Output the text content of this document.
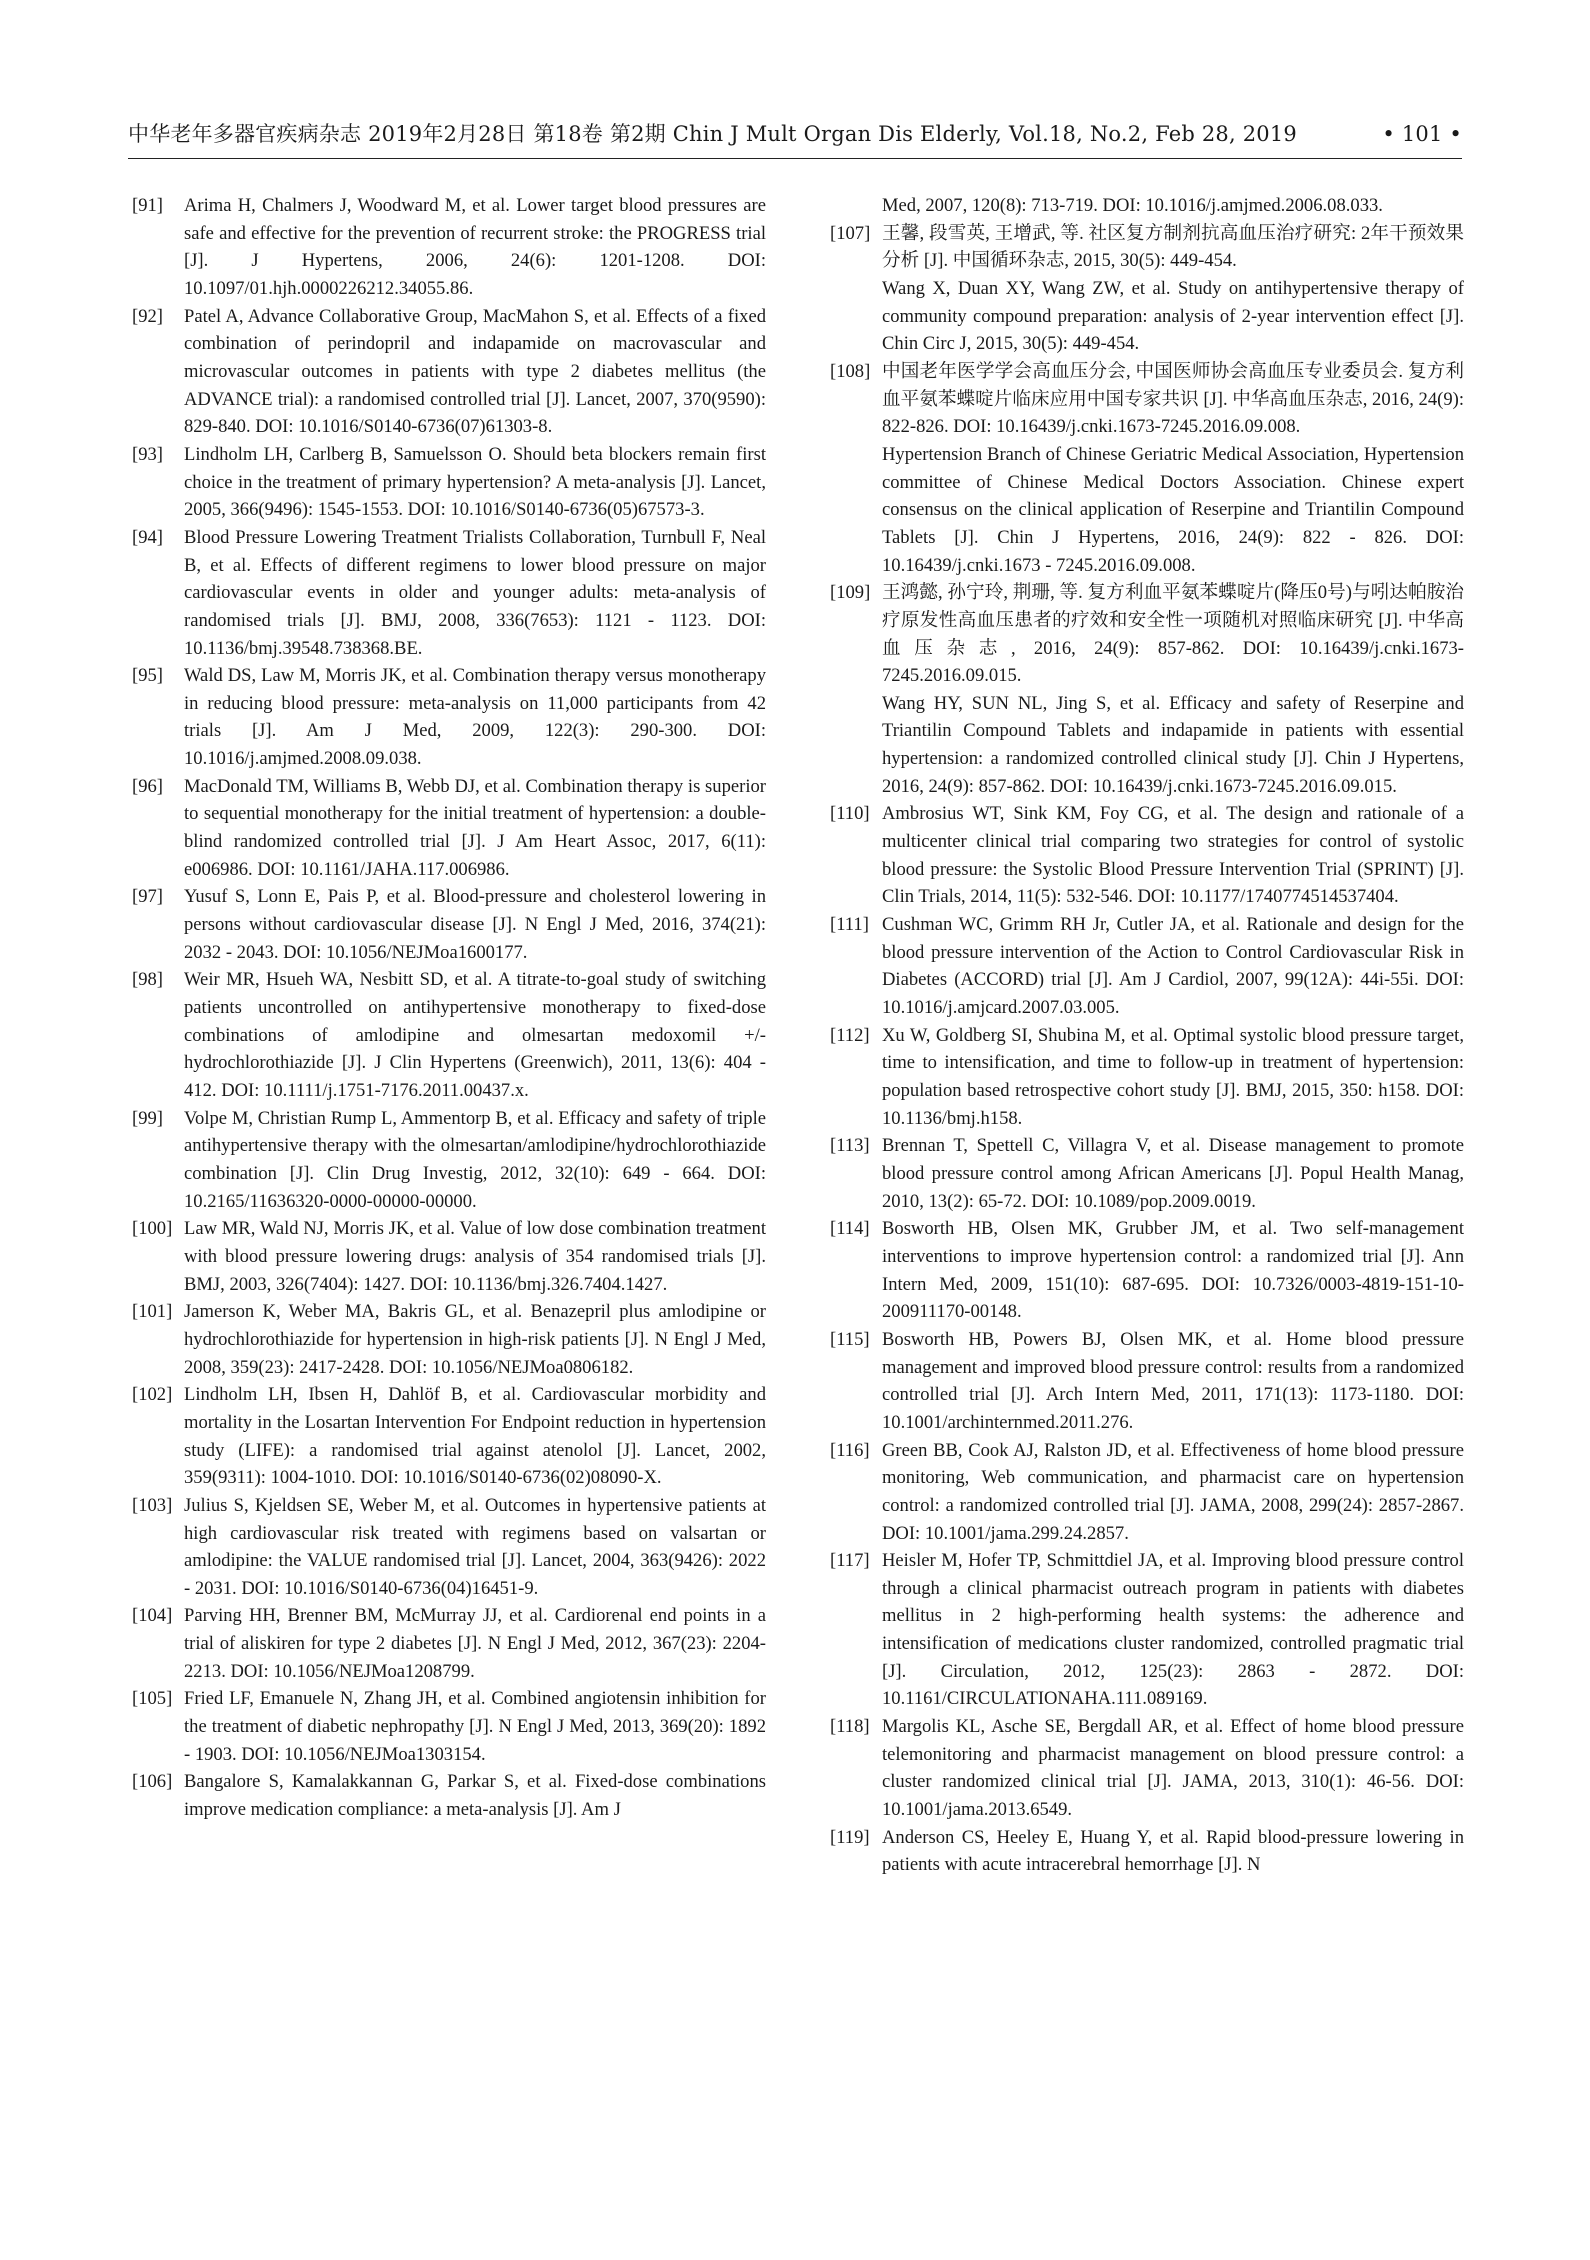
中华老年多器官疾病杂志 2019年2月28日 第18卷 第2期 Chin J Mult Organ Dis Elderly, Vol.18, No.2, Feb 28, 2019	• 101 •
[91] Arima H, Chalmers J, Woodward M, et al. Lower target blood pressures are safe and effective for the prevention of recurrent stroke: the PROGRESS trial [J]. J Hypertens, 2006, 24(6): 1201-1208. DOI: 10.1097/01.hjh.0000226212.34055.86.
[92] Patel A, Advance Collaborative Group, MacMahon S, et al. Effects of a fixed combination of perindopril and indapamide on macrovascular and microvascular outcomes in patients with type 2 diabetes mellitus (the ADVANCE trial): a randomised controlled trial [J]. Lancet, 2007, 370(9590): 829-840. DOI: 10.1016/S0140-6736(07)61303-8.
[93] Lindholm LH, Carlberg B, Samuelsson O. Should beta blockers remain first choice in the treatment of primary hypertension? A meta-analysis [J]. Lancet, 2005, 366(9496): 1545-1553. DOI: 10.1016/S0140-6736(05)67573-3.
[94] Blood Pressure Lowering Treatment Trialists Collaboration, Turnbull F, Neal B, et al. Effects of different regimens to lower blood pressure on major cardiovascular events in older and younger adults: meta-analysis of randomised trials [J]. BMJ, 2008, 336(7653): 1121 - 1123. DOI: 10.1136/bmj.39548.738368.BE.
[95] Wald DS, Law M, Morris JK, et al. Combination therapy versus monotherapy in reducing blood pressure: meta-analysis on 11,000 participants from 42 trials [J]. Am J Med, 2009, 122(3): 290-300. DOI: 10.1016/j.amjmed.2008.09.038.
[96] MacDonald TM, Williams B, Webb DJ, et al. Combination therapy is superior to sequential monotherapy for the initial treatment of hypertension: a double-blind randomized controlled trial [J]. J Am Heart Assoc, 2017, 6(11): e006986. DOI: 10.1161/JAHA.117.006986.
[97] Yusuf S, Lonn E, Pais P, et al. Blood-pressure and cholesterol lowering in persons without cardiovascular disease [J]. N Engl J Med, 2016, 374(21): 2032 - 2043. DOI: 10.1056/NEJMoa1600177.
[98] Weir MR, Hsueh WA, Nesbitt SD, et al. A titrate-to-goal study of switching patients uncontrolled on antihypertensive monotherapy to fixed-dose combinations of amlodipine and olmesartan medoxomil +/- hydrochlorothiazide [J]. J Clin Hypertens (Greenwich), 2011, 13(6): 404 - 412. DOI: 10.1111/j.1751-7176.2011.00437.x.
[99] Volpe M, Christian Rump L, Ammentorp B, et al. Efficacy and safety of triple antihypertensive therapy with the olmesartan/amlodipine/hydrochlorothiazide combination [J]. Clin Drug Investig, 2012, 32(10): 649 - 664. DOI: 10.2165/11636320-0000-00000-00000.
[100] Law MR, Wald NJ, Morris JK, et al. Value of low dose combination treatment with blood pressure lowering drugs: analysis of 354 randomised trials [J]. BMJ, 2003, 326(7404): 1427. DOI: 10.1136/bmj.326.7404.1427.
[101] Jamerson K, Weber MA, Bakris GL, et al. Benazepril plus amlodipine or hydrochlorothiazide for hypertension in high-risk patients [J]. N Engl J Med, 2008, 359(23): 2417-2428. DOI: 10.1056/NEJMoa0806182.
[102] Lindholm LH, Ibsen H, Dahlöf B, et al. Cardiovascular morbidity and mortality in the Losartan Intervention For Endpoint reduction in hypertension study (LIFE): a randomised trial against atenolol [J]. Lancet, 2002, 359(9311): 1004-1010. DOI: 10.1016/S0140-6736(02)08090-X.
[103] Julius S, Kjeldsen SE, Weber M, et al. Outcomes in hypertensive patients at high cardiovascular risk treated with regimens based on valsartan or amlodipine: the VALUE randomised trial [J]. Lancet, 2004, 363(9426): 2022 - 2031. DOI: 10.1016/S0140-6736(04)16451-9.
[104] Parving HH, Brenner BM, McMurray JJ, et al. Cardiorenal end points in a trial of aliskiren for type 2 diabetes [J]. N Engl J Med, 2012, 367(23): 2204-2213. DOI: 10.1056/NEJMoa1208799.
[105] Fried LF, Emanuele N, Zhang JH, et al. Combined angiotensin inhibition for the treatment of diabetic nephropathy [J]. N Engl J Med, 2013, 369(20): 1892 - 1903. DOI: 10.1056/NEJMoa1303154.
[106] Bangalore S, Kamalakkannan G, Parkar S, et al. Fixed-dose combinations improve medication compliance: a meta-analysis [J]. Am J
Med, 2007, 120(8): 713-719. DOI: 10.1016/j.amjmed.2006.08.033.
[107] 王馨, 段雪英, 王增武, 等. 社区复方制剂抗高血压治疗研究: 2年干预效果分析 [J]. 中国循环杂志, 2015, 30(5): 449-454.
Wang X, Duan XY, Wang ZW, et al. Study on antihypertensive therapy of community compound preparation: analysis of 2-year intervention effect [J]. Chin Circ J, 2015, 30(5): 449-454.
[108] 中国老年医学学会高血压分会, 中国医师协会高血压专业委员会. 复方利血平氨苯蝶啶片临床应用中国专家共识 [J]. 中华高血压杂志, 2016, 24(9): 822-826. DOI: 10.16439/j.cnki.1673-7245.2016.09.008.
Hypertension Branch of Chinese Geriatric Medical Association, Hypertension committee of Chinese Medical Doctors Association. Chinese expert consensus on the clinical application of Reserpine and Triantilin Compound Tablets [J]. Chin J Hypertens, 2016, 24(9): 822 - 826. DOI: 10.16439/j.cnki.1673 - 7245.2016.09.008.
[109] 王鸿懿, 孙宁玲, 荆珊, 等. 复方利血平氨苯蝶啶片(降压0号)与吲达帕胺治疗原发性高血压患者的疗效和安全性一项随机对照临床研究 [J]. 中华高血压杂志, 2016, 24(9): 857-862. DOI: 10.16439/j.cnki.1673-7245.2016.09.015.
Wang HY, SUN NL, Jing S, et al. Efficacy and safety of Reserpine and Triantilin Compound Tablets and indapamide in patients with essential hypertension: a randomized controlled clinical study [J]. Chin J Hypertens, 2016, 24(9): 857-862. DOI: 10.16439/j.cnki.1673-7245.2016.09.015.
[110] Ambrosius WT, Sink KM, Foy CG, et al. The design and rationale of a multicenter clinical trial comparing two strategies for control of systolic blood pressure: the Systolic Blood Pressure Intervention Trial (SPRINT) [J]. Clin Trials, 2014, 11(5): 532-546. DOI: 10.1177/1740774514537404.
[111] Cushman WC, Grimm RH Jr, Cutler JA, et al. Rationale and design for the blood pressure intervention of the Action to Control Cardiovascular Risk in Diabetes (ACCORD) trial [J]. Am J Cardiol, 2007, 99(12A): 44i-55i. DOI: 10.1016/j.amjcard.2007.03.005.
[112] Xu W, Goldberg SI, Shubina M, et al. Optimal systolic blood pressure target, time to intensification, and time to follow-up in treatment of hypertension: population based retrospective cohort study [J]. BMJ, 2015, 350: h158. DOI: 10.1136/bmj.h158.
[113] Brennan T, Spettell C, Villagra V, et al. Disease management to promote blood pressure control among African Americans [J]. Popul Health Manag, 2010, 13(2): 65-72. DOI: 10.1089/pop.2009.0019.
[114] Bosworth HB, Olsen MK, Grubber JM, et al. Two self-management interventions to improve hypertension control: a randomized trial [J]. Ann Intern Med, 2009, 151(10): 687-695. DOI: 10.7326/0003-4819-151-10-200911170-00148.
[115] Bosworth HB, Powers BJ, Olsen MK, et al. Home blood pressure management and improved blood pressure control: results from a randomized controlled trial [J]. Arch Intern Med, 2011, 171(13): 1173-1180. DOI: 10.1001/archinternmed.2011.276.
[116] Green BB, Cook AJ, Ralston JD, et al. Effectiveness of home blood pressure monitoring, Web communication, and pharmacist care on hypertension control: a randomized controlled trial [J]. JAMA, 2008, 299(24): 2857-2867. DOI: 10.1001/jama.299.24.2857.
[117] Heisler M, Hofer TP, Schmittdiel JA, et al. Improving blood pressure control through a clinical pharmacist outreach program in patients with diabetes mellitus in 2 high-performing health systems: the adherence and intensification of medications cluster randomized, controlled pragmatic trial [J]. Circulation, 2012, 125(23): 2863 - 2872. DOI: 10.1161/CIRCULATIONAHA.111.089169.
[118] Margolis KL, Asche SE, Bergdall AR, et al. Effect of home blood pressure telemonitoring and pharmacist management on blood pressure control: a cluster randomized clinical trial [J]. JAMA, 2013, 310(1): 46-56. DOI: 10.1001/jama.2013.6549.
[119] Anderson CS, Heeley E, Huang Y, et al. Rapid blood-pressure lowering in patients with acute intracerebral hemorrhage [J]. N
